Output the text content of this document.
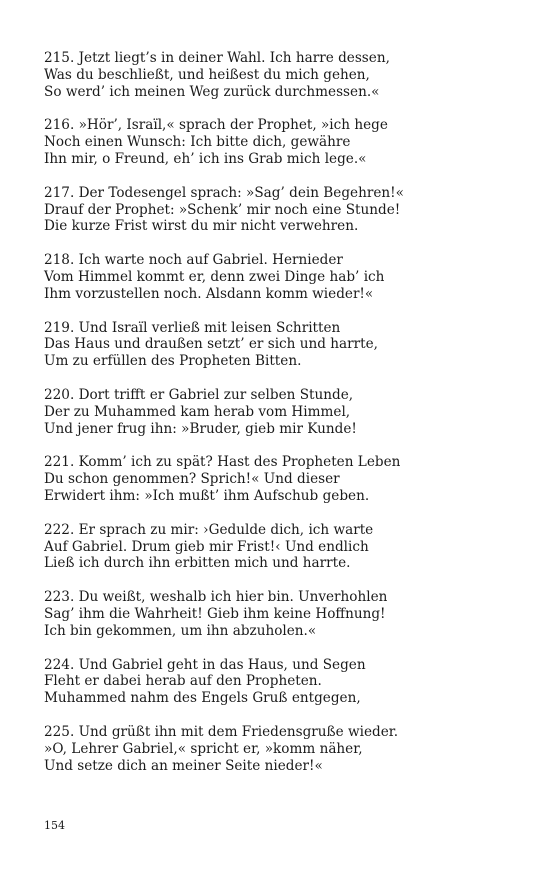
215. Jetzt liegt’s in deiner Wahl. Ich harre dessen,
Was du beschließt, und heißest du mich gehen,
So werd’ ich meinen Weg zurück durchmessen.«
216. »Hör’, Israïl,« sprach der Prophet, »ich hege
Noch einen Wunsch: Ich bitte dich, gewähre
Ihn mir, o Freund, eh’ ich ins Grab mich lege.«
217. Der Todesengel sprach: »Sag’ dein Begehren!«
Drauf der Prophet: »Schenk’ mir noch eine Stunde!
Die kurze Frist wirst du mir nicht verwehren.
218. Ich warte noch auf Gabriel. Hernieder
Vom Himmel kommt er, denn zwei Dinge hab’ ich
Ihm vorzustellen noch. Alsdann komm wieder!«
219. Und Israïl verließ mit leisen Schritten
Das Haus und draußen setzt’ er sich und harrte,
Um zu erfüllen des Propheten Bitten.
220. Dort trifft er Gabriel zur selben Stunde,
Der zu Muhammed kam herab vom Himmel,
Und jener frug ihn: »Bruder, gieb mir Kunde!
221. Komm’ ich zu spät? Hast des Propheten Leben
Du schon genommen? Sprich!« Und dieser
Erwidert ihm: »Ich mußt’ ihm Aufschub geben.
222. Er sprach zu mir: ›Gedulde dich, ich warte
Auf Gabriel. Drum gieb mir Frist!‹ Und endlich
Ließ ich durch ihn erbitten mich und harrte.
223. Du weißt, weshalb ich hier bin. Unverhohlen
Sag’ ihm die Wahrheit! Gieb ihm keine Hoffnung!
Ich bin gekommen, um ihn abzuholen.«
224. Und Gabriel geht in das Haus, und Segen
Fleht er dabei herab auf den Propheten.
Muhammed nahm des Engels Gruß entgegen,
225. Und grüßt ihn mit dem Friedensgruße wieder.
»O, Lehrer Gabriel,« spricht er, »komm näher,
Und setze dich an meiner Seite nieder!«
154
